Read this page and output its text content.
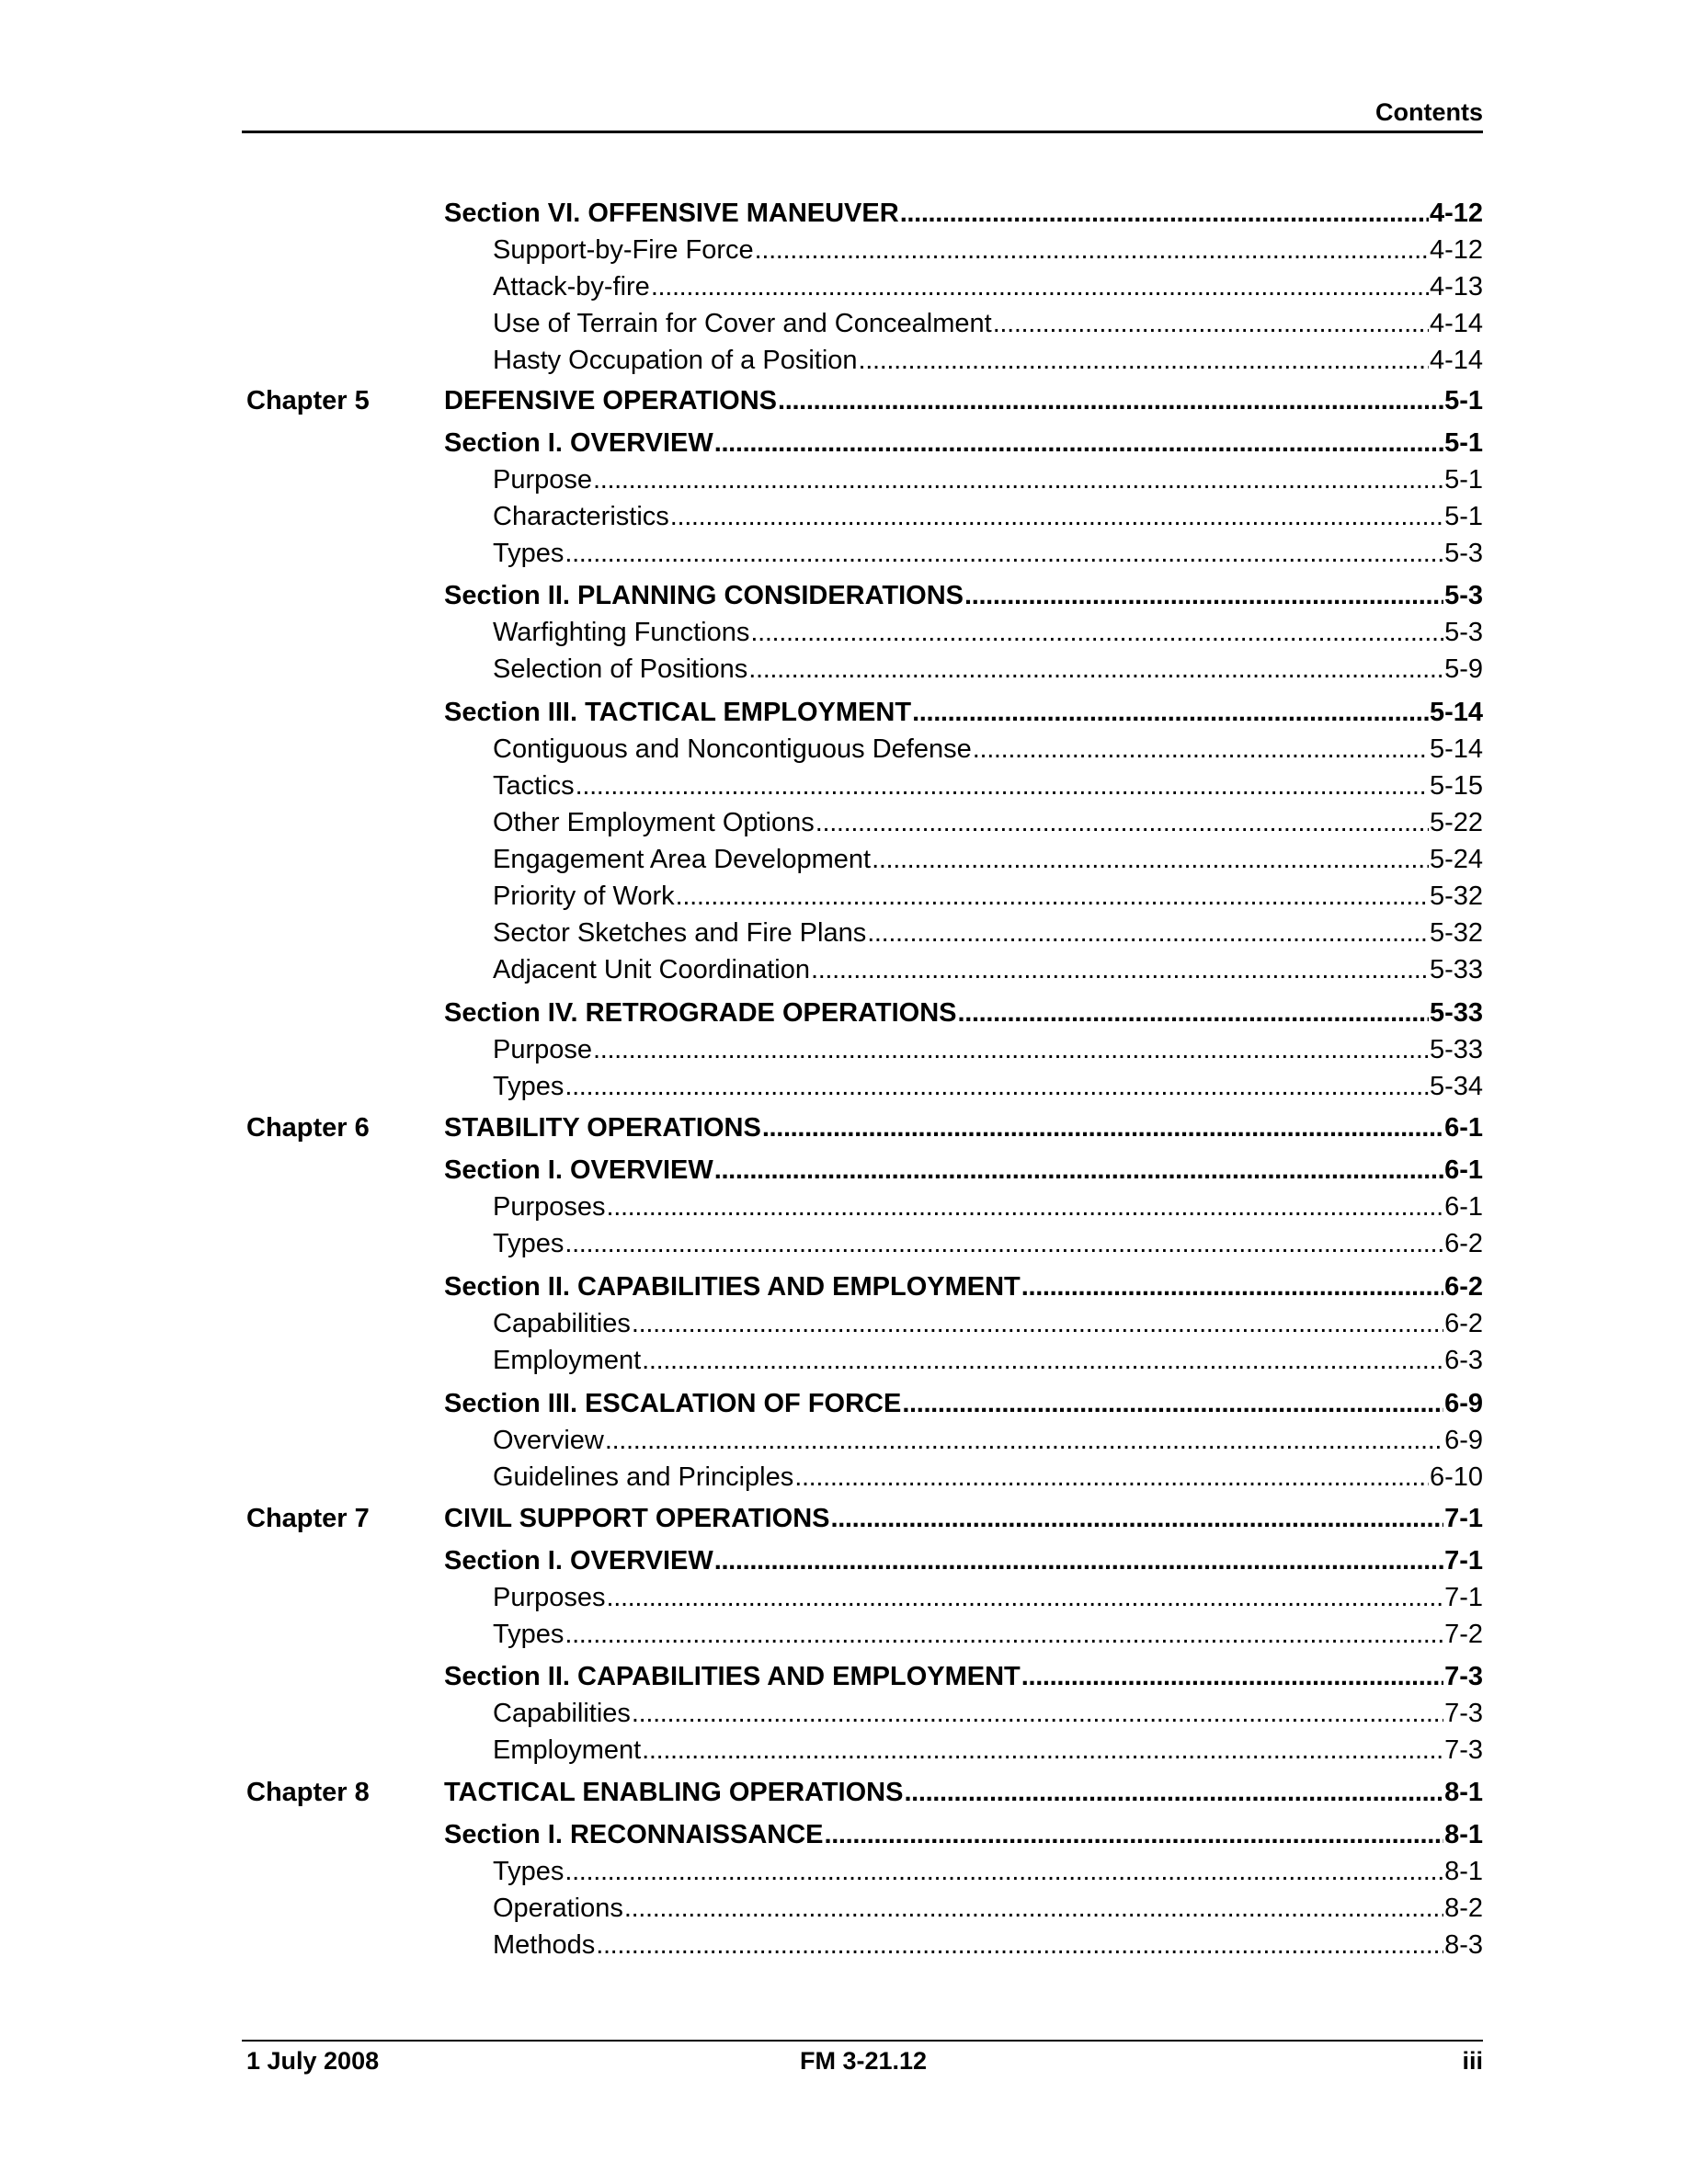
Contents
Section VI. OFFENSIVE MANEUVER . . .	4-12
Support-by-Fire Force . . .	4-12
Attack-by-fire . . .	4-13
Use of Terrain for Cover and Concealment . . .	4-14
Hasty Occupation of a Position . . .	4-14
Chapter 5	DEFENSIVE OPERATIONS . . .	5-1
Section I. OVERVIEW . . .	5-1
Purpose . . .	5-1
Characteristics . . .	5-1
Types . . .	5-3
Section II. PLANNING CONSIDERATIONS . . .	5-3
Warfighting Functions . . .	5-3
Selection of Positions . . .	5-9
Section III. TACTICAL EMPLOYMENT . . .	5-14
Contiguous and Noncontiguous Defense . . .	5-14
Tactics . . .	5-15
Other Employment Options . . .	5-22
Engagement Area Development . . .	5-24
Priority of Work . . .	5-32
Sector Sketches and Fire Plans . . .	5-32
Adjacent Unit Coordination . . .	5-33
Section IV. RETROGRADE OPERATIONS . . .	5-33
Purpose . . .	5-33
Types . . .	5-34
Chapter 6	STABILITY OPERATIONS . . .	6-1
Section I. OVERVIEW . . .	6-1
Purposes . . .	6-1
Types . . .	6-2
Section II. CAPABILITIES AND EMPLOYMENT . . .	6-2
Capabilities . . .	6-2
Employment . . .	6-3
Section III. ESCALATION OF FORCE . . .	6-9
Overview . . .	6-9
Guidelines and Principles . . .	6-10
Chapter 7	CIVIL SUPPORT OPERATIONS . . .	7-1
Section I. OVERVIEW . . .	7-1
Purposes . . .	7-1
Types . . .	7-2
Section II. CAPABILITIES AND EMPLOYMENT . . .	7-3
Capabilities . . .	7-3
Employment . . .	7-3
Chapter 8	TACTICAL ENABLING OPERATIONS . . .	8-1
Section I. RECONNAISSANCE . . .	8-1
Types . . .	8-1
Operations . . .	8-2
Methods . . .	8-3
1 July 2008	FM 3-21.12	iii
